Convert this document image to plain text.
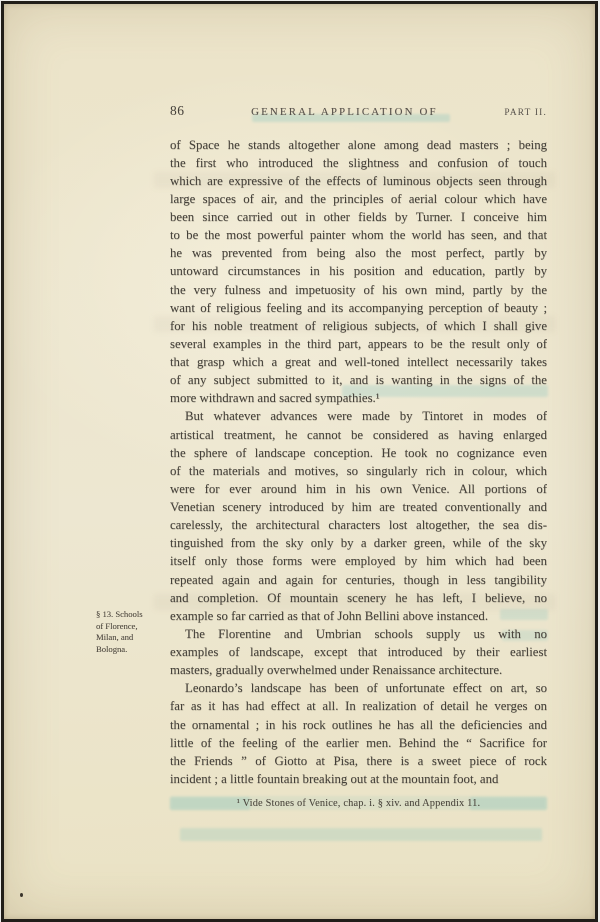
86	GENERAL APPLICATION OF	PART II.
of Space he stands altogether alone among dead masters ; being
the first who introduced the slightness and confusion of touch
which are expressive of the effects of luminous objects seen through
large spaces of air, and the principles of aerial colour which have
been since carried out in other fields by Turner. I conceive him
to be the most powerful painter whom the world has seen, and that
he was prevented from being also the most perfect, partly by
untoward circumstances in his position and education, partly by
the very fulness and impetuosity of his own mind, partly by the
want of religious feeling and its accompanying perception of beauty ;
for his noble treatment of religious subjects, of which I shall give
several examples in the third part, appears to be the result only of
that grasp which a great and well-toned intellect necessarily takes
of any subject submitted to it, and is wanting in the signs of the
more withdrawn and sacred sympathies.¹
But whatever advances were made by Tintoret in modes of
artistical treatment, he cannot be considered as having enlarged
the sphere of landscape conception. He took no cognizance even
of the materials and motives, so singularly rich in colour, which
were for ever around him in his own Venice. All portions of
Venetian scenery introduced by him are treated conventionally and
carelessly, the architectural characters lost altogether, the sea dis-
tinguished from the sky only by a darker green, while of the sky
itself only those forms were employed by him which had been
repeated again and again for centuries, though in less tangibility
and completion. Of mountain scenery he has left, I believe, no
example so far carried as that of John Bellini above instanced.
The Florentine and Umbrian schools supply us with no
examples of landscape, except that introduced by their earliest
masters, gradually overwhelmed under Renaissance architecture.
Leonardo’s landscape has been of unfortunate effect on art, so
far as it has had effect at all. In realization of detail he verges on
the ornamental ; in his rock outlines he has all the deficiencies and
little of the feeling of the earlier men. Behind the “ Sacrifice for
the Friends ” of Giotto at Pisa, there is a sweet piece of rock
incident ; a little fountain breaking out at the mountain foot, and
§ 13. Schools
of Florence,
Milan, and
Bologna.
¹ Vide Stones of Venice, chap. i. § xiv. and Appendix 11.
